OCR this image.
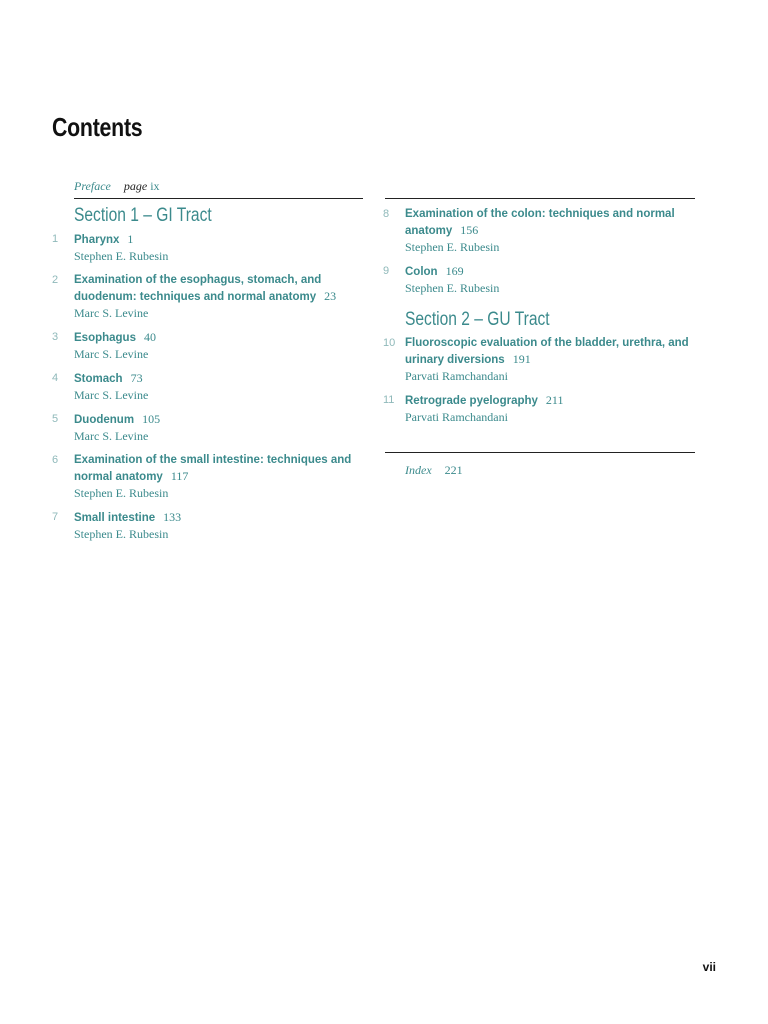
Contents
Preface page ix
Section 1 – GI Tract
1	Pharynx 1
Stephen E. Rubesin
2	Examination of the esophagus, stomach, and duodenum: techniques and normal anatomy 23
Marc S. Levine
3	Esophagus 40
Marc S. Levine
4	Stomach 73
Marc S. Levine
5	Duodenum 105
Marc S. Levine
6	Examination of the small intestine: techniques and normal anatomy 117
Stephen E. Rubesin
7	Small intestine 133
Stephen E. Rubesin
8	Examination of the colon: techniques and normal anatomy 156
Stephen E. Rubesin
9	Colon 169
Stephen E. Rubesin
Section 2 – GU Tract
10 Fluoroscopic evaluation of the bladder, urethra, and urinary diversions 191
Parvati Ramchandani
11 Retrograde pyelography 211
Parvati Ramchandani
Index 221
vii
